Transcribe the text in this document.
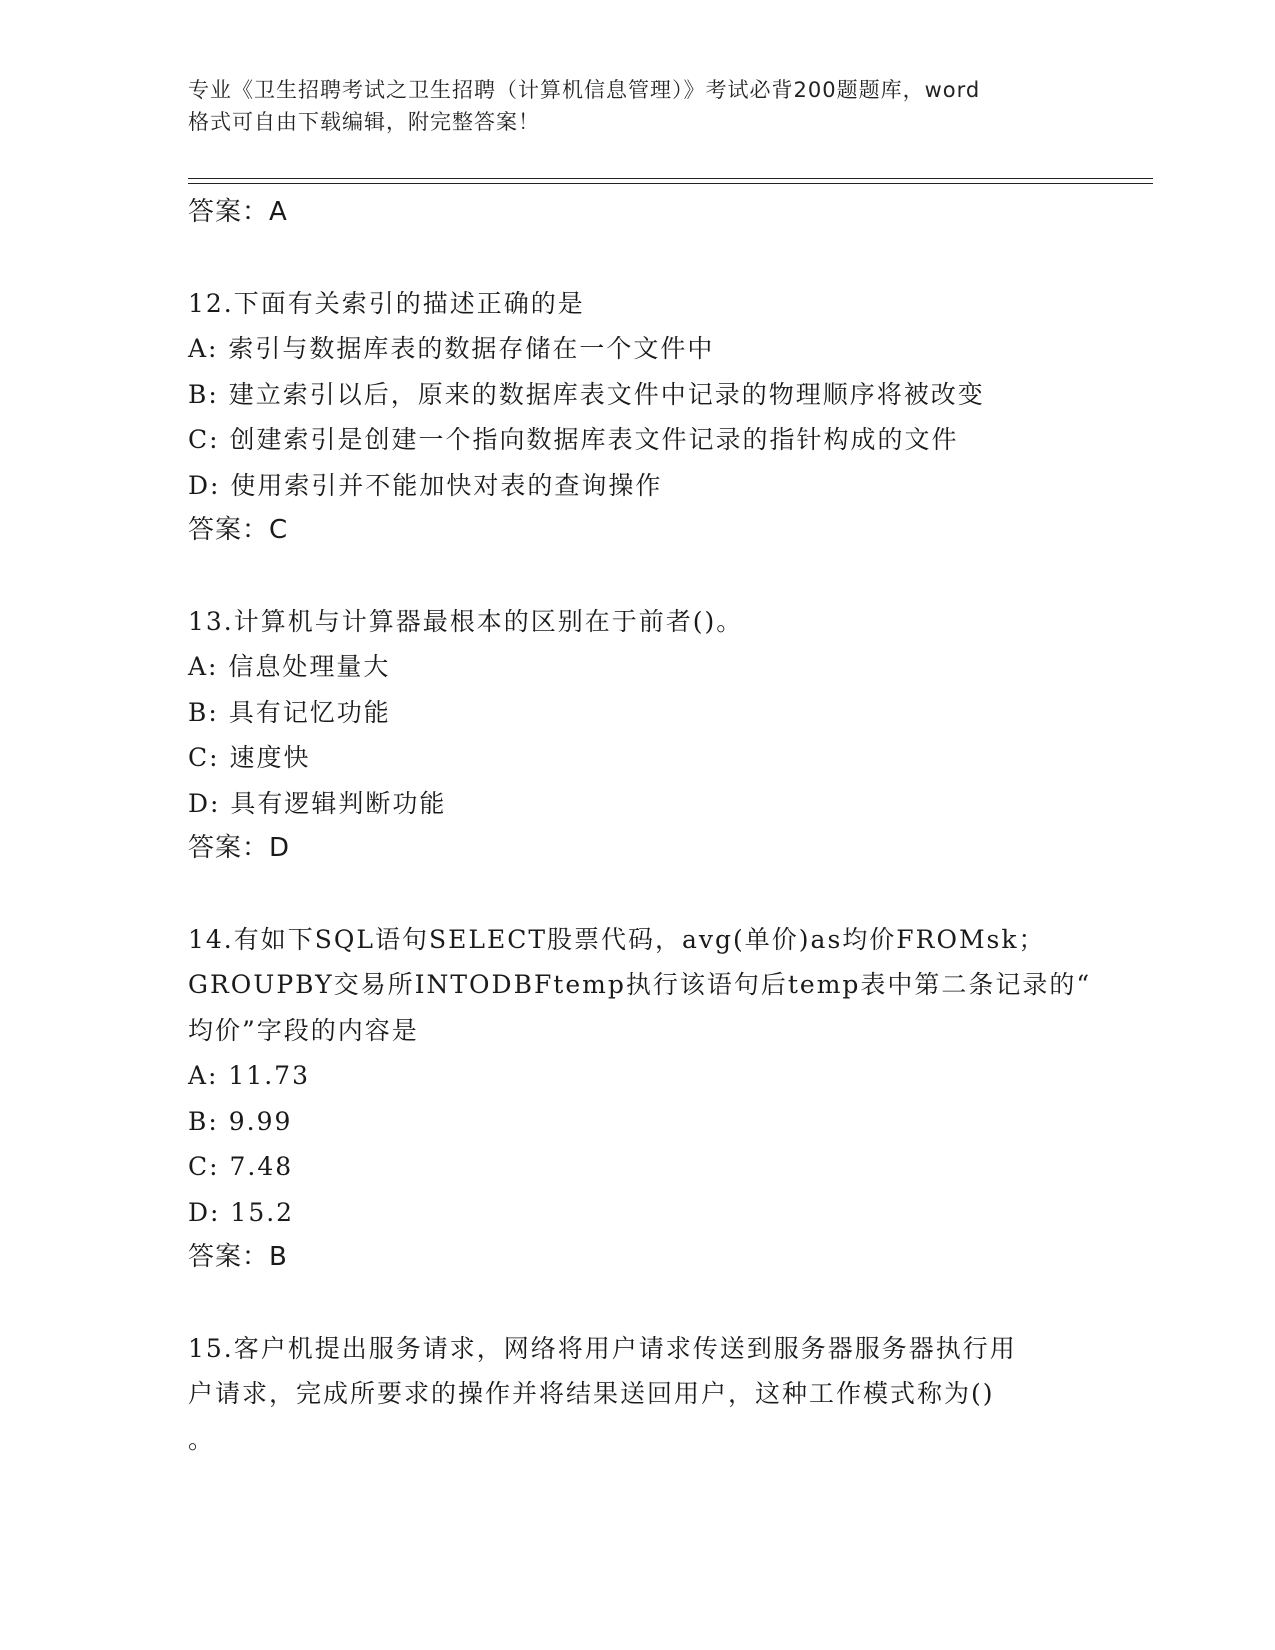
专业《卫生招聘考试之卫生招聘（计算机信息管理）》考试必背200题题库，word
格式可自由下载编辑，附完整答案！
答案：A
12.下面有关索引的描述正确的是
A: 索引与数据库表的数据存储在一个文件中
B: 建立索引以后，原来的数据库表文件中记录的物理顺序将被改变
C: 创建索引是创建一个指向数据库表文件记录的指针构成的文件
D: 使用索引并不能加快对表的查询操作
答案：C
13.计算机与计算器最根本的区别在于前者()。
A: 信息处理量大
B: 具有记忆功能
C: 速度快
D: 具有逻辑判断功能
答案：D
14.有如下SQL语句SELECT股票代码，avg(单价)as均价FROMsk；
GROUPBY交易所INTODBFtemp执行该语句后temp表中第二条记录的“
均价”字段的内容是
A: 11.73
B: 9.99
C: 7.48
D: 15.2
答案：B
15.客户机提出服务请求，网络将用户请求传送到服务器服务器执行用
户请求，完成所要求的操作并将结果送回用户，这种工作模式称为()
。
